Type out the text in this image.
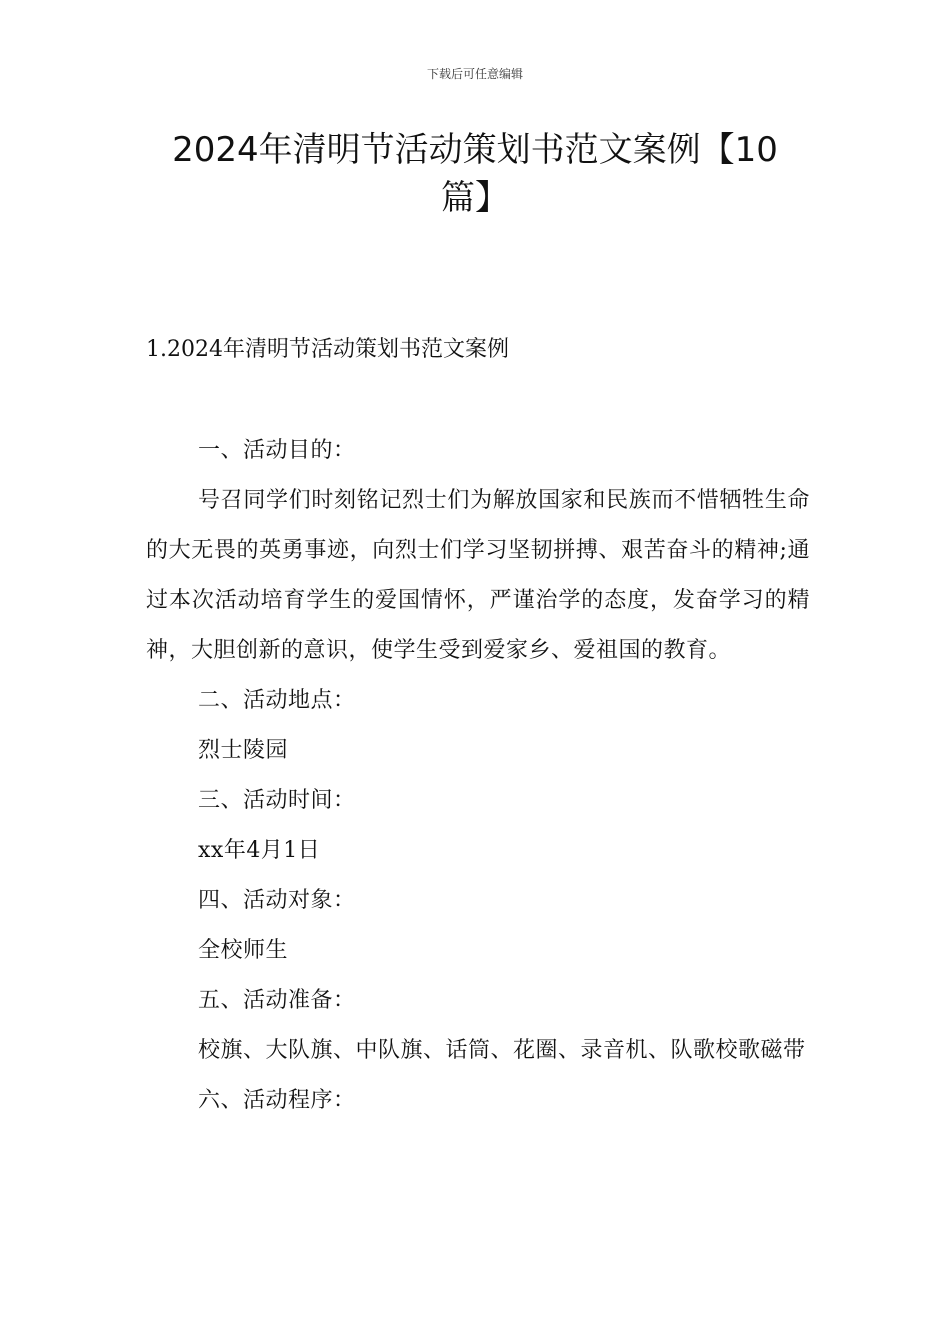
下载后可任意编辑
2024年清明节活动策划书范文案例【10篇】
1.2024年清明节活动策划书范文案例

一、活动目的：

号召同学们时刻铭记烈士们为解放国家和民族而不惜牺牲生命的大无畏的英勇事迹，向烈士们学习坚韧拼搏、艰苦奋斗的精神;通过本次活动培育学生的爱国情怀，严谨治学的态度，发奋学习的精神，大胆创新的意识，使学生受到爱家乡、爱祖国的教育。

二、活动地点：

烈士陵园

三、活动时间：

xx年4月1日

四、活动对象：

全校师生

五、活动准备：

校旗、大队旗、中队旗、话筒、花圈、录音机、队歌校歌磁带

六、活动程序：
